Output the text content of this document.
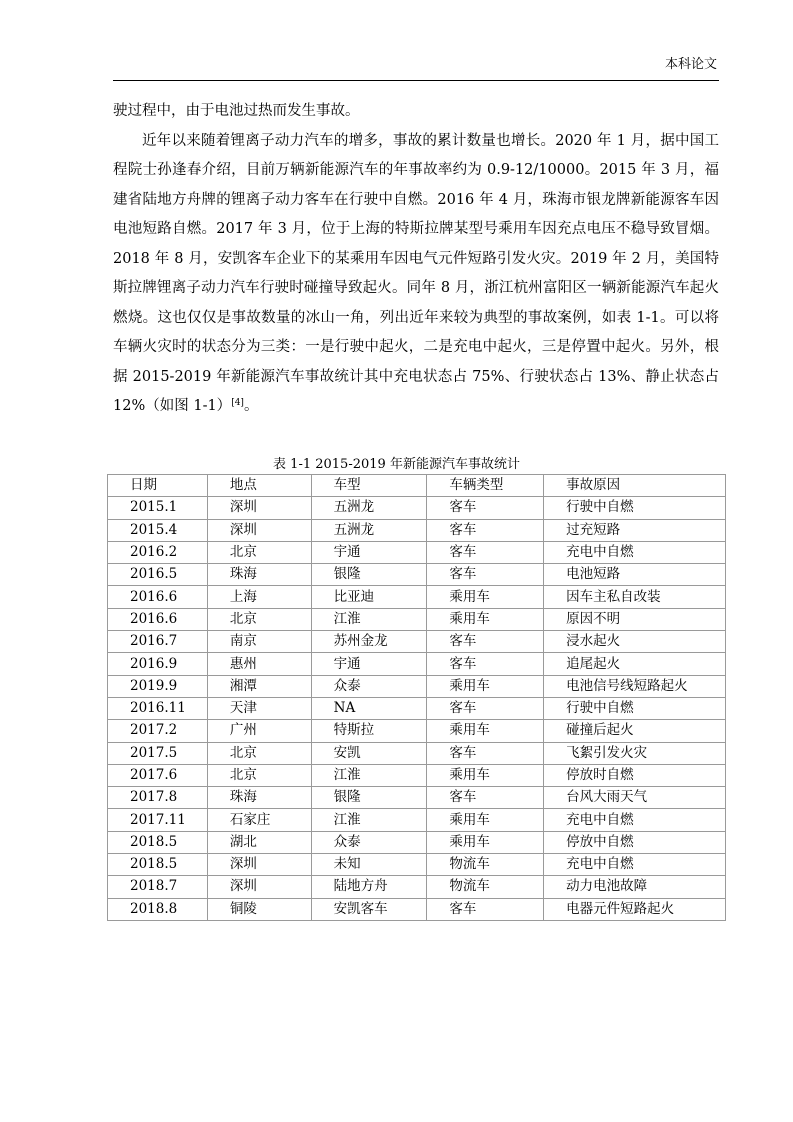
本科论文

驶过程中，由于电池过热而发生事故。

近年以来随着锂离子动力汽车的增多，事故的累计数量也增长。2020 年 1 月，据中国工程院士孙逢春介绍，目前万辆新能源汽车的年事故率约为 0.9-12/10000。2015 年 3 月，福建省陆地方舟牌的锂离子动力客车在行驶中自燃。2016 年 4 月，珠海市银龙牌新能源客车因电池短路自燃。2017 年 3 月，位于上海的特斯拉牌某型号乘用车因充点电压不稳导致冒烟。2018 年 8 月，安凯客车企业下的某乘用车因电气元件短路引发火灾。2019 年 2 月，美国特斯拉牌锂离子动力汽车行驶时碰撞导致起火。同年 8 月，浙江杭州富阳区一辆新能源汽车起火燃烧。这也仅仅是事故数量的冰山一角，列出近年来较为典型的事故案例，如表 1-1。可以将车辆火灾时的状态分为三类：一是行驶中起火，二是充电中起火，三是停置中起火。另外，根据 2015-2019 年新能源汽车事故统计其中充电状态占 75%、行驶状态占 13%、静止状态占 12%（如图 1-1）[4]。

表 1-1 2015-2019 年新能源汽车事故统计
日期	地点	车型	车辆类型	事故原因
2015.1	深圳	五洲龙	客车	行驶中自燃
2015.4	深圳	五洲龙	客车	过充短路
2016.2	北京	宇通	客车	充电中自燃
2016.5	珠海	银隆	客车	电池短路
2016.6	上海	比亚迪	乘用车	因车主私自改装
2016.6	北京	江淮	乘用车	原因不明
2016.7	南京	苏州金龙	客车	浸水起火
2016.9	惠州	宇通	客车	追尾起火
2019.9	湘潭	众泰	乘用车	电池信号线短路起火
2016.11	天津	NA	客车	行驶中自燃
2017.2	广州	特斯拉	乘用车	碰撞后起火
2017.5	北京	安凯	客车	飞絮引发火灾
2017.6	北京	江淮	乘用车	停放时自燃
2017.8	珠海	银隆	客车	台风大雨天气
2017.11	石家庄	江淮	乘用车	充电中自燃
2018.5	湖北	众泰	乘用车	停放中自燃
2018.5	深圳	未知	物流车	充电中自燃
2018.7	深圳	陆地方舟	物流车	动力电池故障
2018.8	铜陵	安凯客车	客车	电器元件短路起火
